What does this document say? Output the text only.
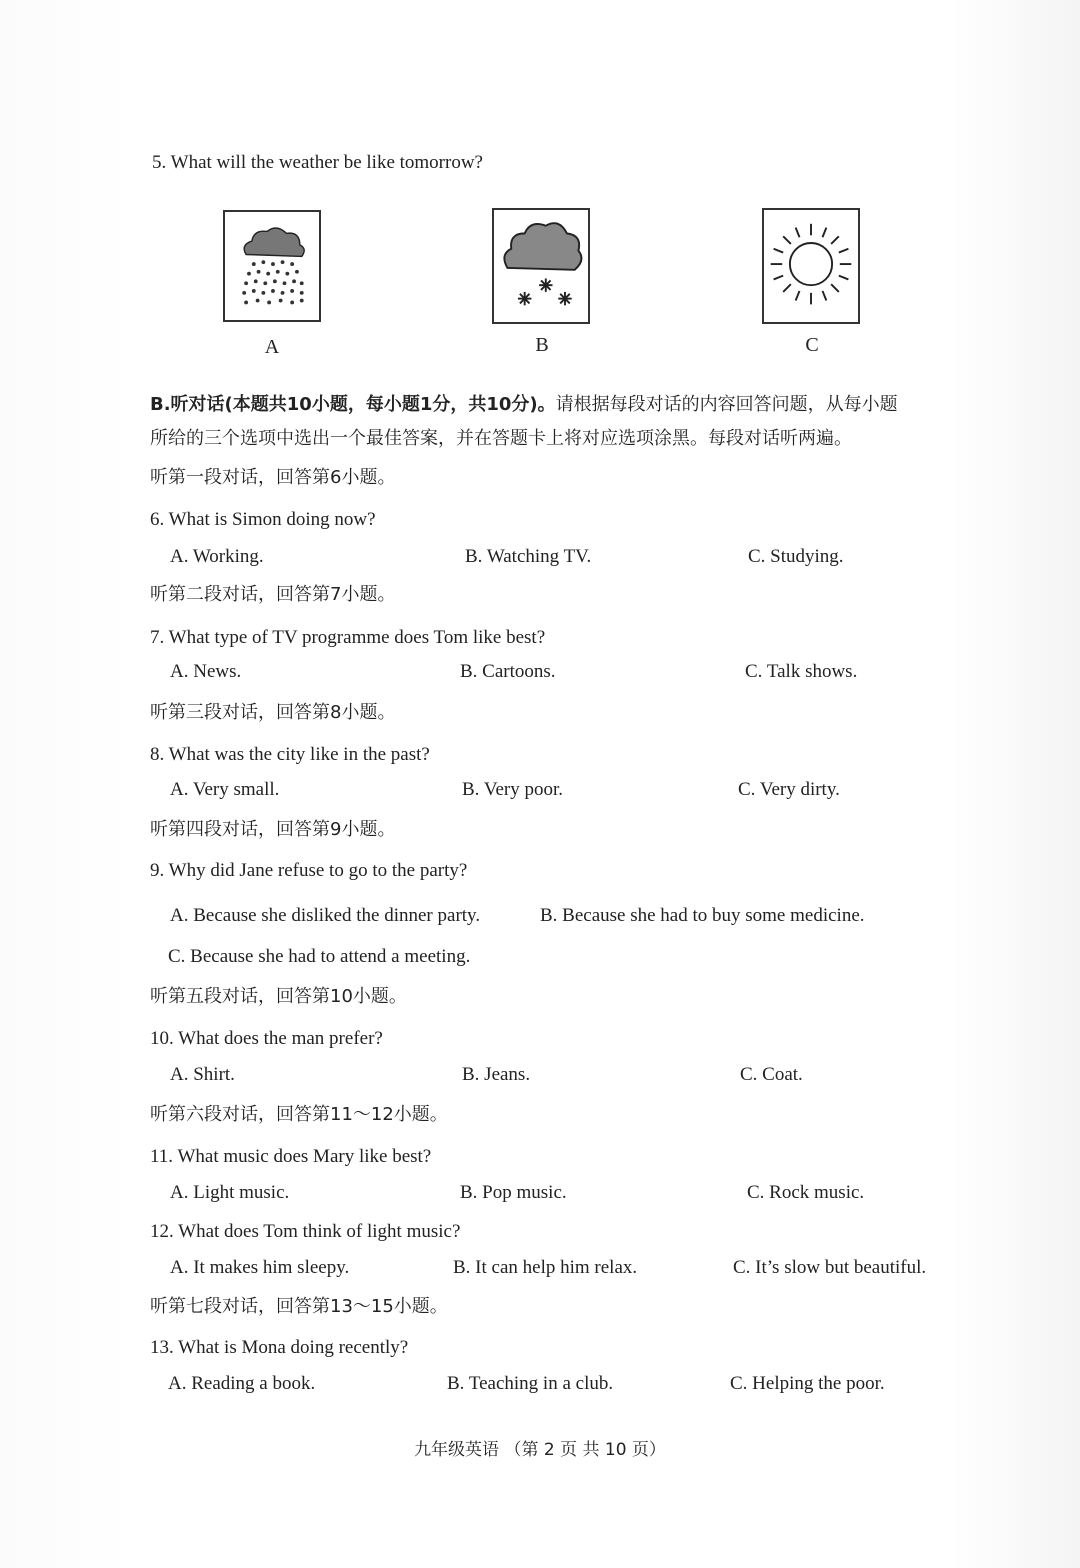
5. What will the weather be like tomorrow?
A	B	C
B.听对话(本题共10小题，每小题1分，共10分)。请根据每段对话的内容回答问题，从每小题
所给的三个选项中选出一个最佳答案，并在答题卡上将对应选项涂黑。每段对话听两遍。
听第一段对话，回答第6小题。
6. What is Simon doing now?
A. Working.	B. Watching TV.	C. Studying.
听第二段对话，回答第7小题。
7. What type of TV programme does Tom like best?
A. News.	B. Cartoons.	C. Talk shows.
听第三段对话，回答第8小题。
8. What was the city like in the past?
A. Very small.	B. Very poor.	C. Very dirty.
听第四段对话，回答第9小题。
9. Why did Jane refuse to go to the party?
A. Because she disliked the dinner party.	B. Because she had to buy some medicine.
C. Because she had to attend a meeting.
听第五段对话，回答第10小题。
10. What does the man prefer?
A. Shirt.	B. Jeans.	C. Coat.
听第六段对话，回答第11～12小题。
11. What music does Mary like best?
A. Light music.	B. Pop music.	C. Rock music.
12. What does Tom think of light music?
A. It makes him sleepy.	B. It can help him relax.	C. It’s slow but beautiful.
听第七段对话，回答第13～15小题。
13. What is Mona doing recently?
A. Reading a book.	B. Teaching in a club.	C. Helping the poor.
九年级英语 （第 2 页 共 10 页）
